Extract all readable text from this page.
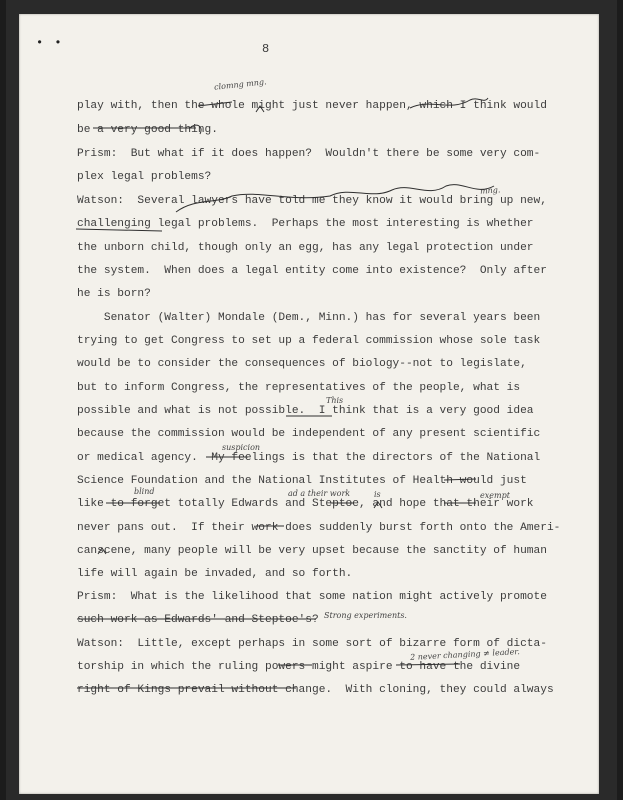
• •	8
play with, then the whole might just never happen, which I think would
be a very good thing.
Prism:  But what if it does happen?  Wouldn't there be some very com-
plex legal problems?
Watson:  Several lawyers have told me they know it would bring up new,
challenging legal problems.  Perhaps the most interesting is whether
the unborn child, though only an egg, has any legal protection under
the system.  When does a legal entity come into existence?  Only after
he is born?
Senator (Walter) Mondale (Dem., Minn.) has for several years been
trying to get Congress to set up a federal commission whose sole task
would be to consider the consequences of biology--not to legislate,
but to inform Congress, the representatives of the people, what is
possible and what is not possible.  I think that is a very good idea
because the commission would be independent of any present scientific
or medical agency.  My feelings is that the directors of the National
Science Foundation and the National Institutes of Health would just
like to forget totally Edwards and Steptoe, and hope that their work
never pans out.  If their work does suddenly burst forth onto the Ameri-
canscene, many people will be very upset because the sanctity of human
life will again be invaded, and so forth.
Prism:  What is the likelihood that some nation might actively promote
such work as Edwards' and Steptoe's?
Watson:  Little, except perhaps in some sort of bizarre form of dicta-
torship in which the ruling powers might aspire to have the divine
right of Kings prevail without change.  With cloning, they could always
clomng mng.
mng.
This
suspicion
blind	ad a their work	is	exempt
Strong experiments.
2 never changing ≠ leader.
